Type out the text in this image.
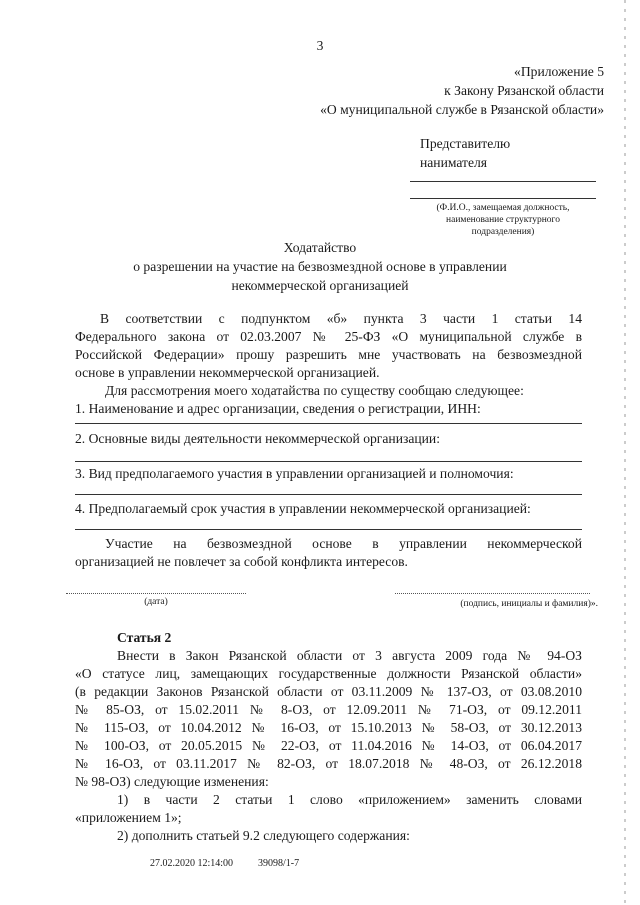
3
«Приложение 5
к Закону Рязанской области
«О муниципальной службе в Рязанской области»
Представителю
нанимателя
(Ф.И.О., замещаемая должность,
наименование структурного
подразделения)
Ходатайство
о разрешении на участие на безвозмездной основе в управлении
некоммерческой организацией
В соответствии с подпунктом «б» пункта 3 части 1 статьи 14
Федерального закона от 02.03.2007 № 25-ФЗ «О муниципальной службе в
Российской Федерации» прошу разрешить мне участвовать на безвозмездной
основе в управлении некоммерческой организацией.
Для рассмотрения моего ходатайства по существу сообщаю следующее:
1. Наименование и адрес организации, сведения о регистрации, ИНН:
2. Основные виды деятельности некоммерческой организации:
3. Вид предполагаемого участия в управлении организацией и полномочия:
4. Предполагаемый срок участия в управлении некоммерческой организацией:
Участие на безвозмездной основе в управлении некоммерческой
организацией не повлечет за собой конфликта интересов.
(дата)	(подпись, инициалы и фамилия)».
Статья 2
Внести в Закон Рязанской области от 3 августа 2009 года № 94-ОЗ
«О статусе лиц, замещающих государственные должности Рязанской области»
(в редакции Законов Рязанской области от 03.11.2009 № 137-ОЗ, от 03.08.2010
№ 85-ОЗ, от 15.02.2011 № 8-ОЗ, от 12.09.2011 № 71-ОЗ, от 09.12.2011
№ 115-ОЗ, от 10.04.2012 № 16-ОЗ, от 15.10.2013 № 58-ОЗ, от 30.12.2013
№ 100-ОЗ, от 20.05.2015 № 22-ОЗ, от 11.04.2016 № 14-ОЗ, от 06.04.2017
№ 16-ОЗ, от 03.11.2017 № 82-ОЗ, от 18.07.2018 № 48-ОЗ, от 26.12.2018
№ 98-ОЗ) следующие изменения:
1) в части 2 статьи 1 слово «приложением» заменить словами
«приложением 1»;
2) дополнить статьей 9.2 следующего содержания:
27.02.2020 12:14:00 39098/1-7
